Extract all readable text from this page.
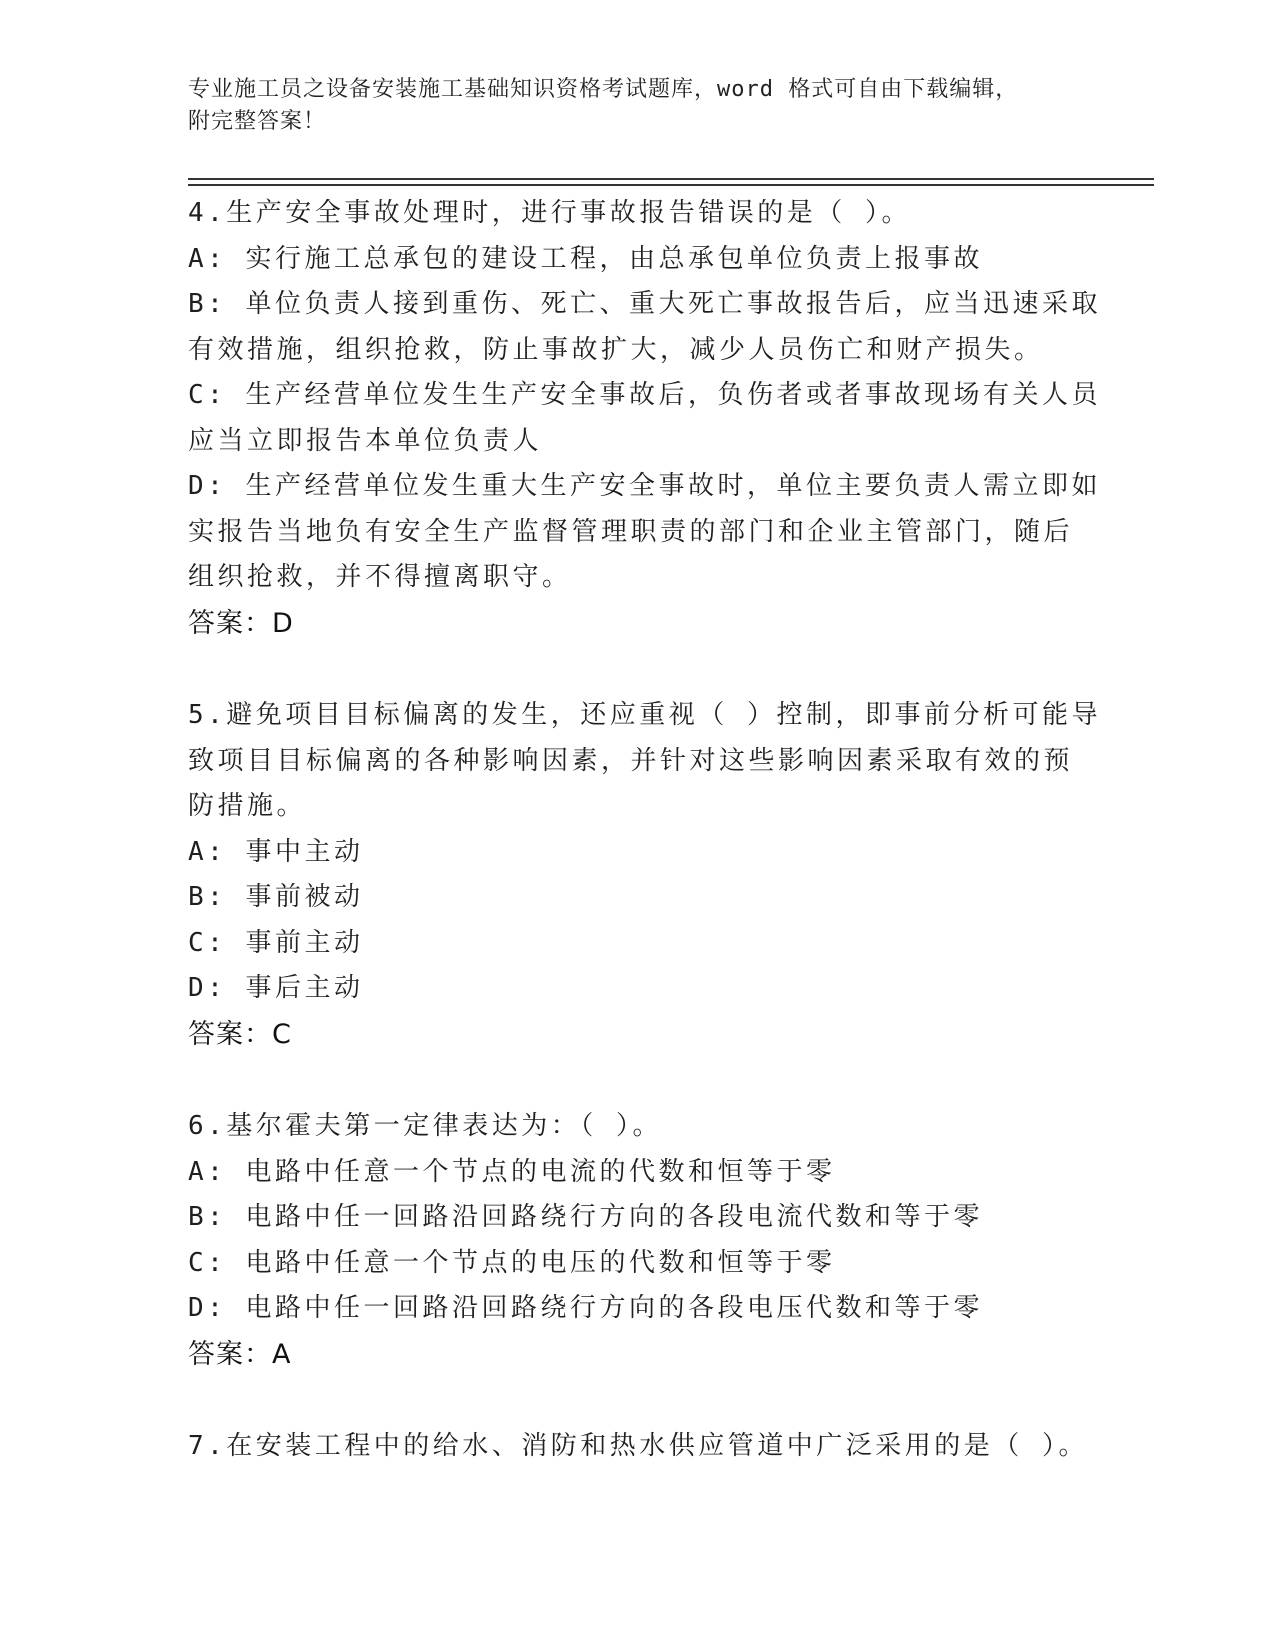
专业施工员之设备安装施工基础知识资格考试题库，word 格式可自由下载编辑，
附完整答案！
4.生产安全事故处理时，进行事故报告错误的是（ ）。
A: 实行施工总承包的建设工程，由总承包单位负责上报事故
B: 单位负责人接到重伤、死亡、重大死亡事故报告后，应当迅速采取
有效措施，组织抢救，防止事故扩大，减少人员伤亡和财产损失。
C: 生产经营单位发生生产安全事故后，负伤者或者事故现场有关人员
应当立即报告本单位负责人
D: 生产经营单位发生重大生产安全事故时，单位主要负责人需立即如
实报告当地负有安全生产监督管理职责的部门和企业主管部门，随后
组织抢救，并不得擅离职守。
答案：D
5.避免项目目标偏离的发生，还应重视（ ）控制，即事前分析可能导
致项目目标偏离的各种影响因素，并针对这些影响因素采取有效的预
防措施。
A: 事中主动
B: 事前被动
C: 事前主动
D: 事后主动
答案：C
6.基尔霍夫第一定律表达为：（ ）。
A: 电路中任意一个节点的电流的代数和恒等于零
B: 电路中任一回路沿回路绕行方向的各段电流代数和等于零
C: 电路中任意一个节点的电压的代数和恒等于零
D: 电路中任一回路沿回路绕行方向的各段电压代数和等于零
答案：A
7.在安装工程中的给水、消防和热水供应管道中广泛采用的是（ ）。
